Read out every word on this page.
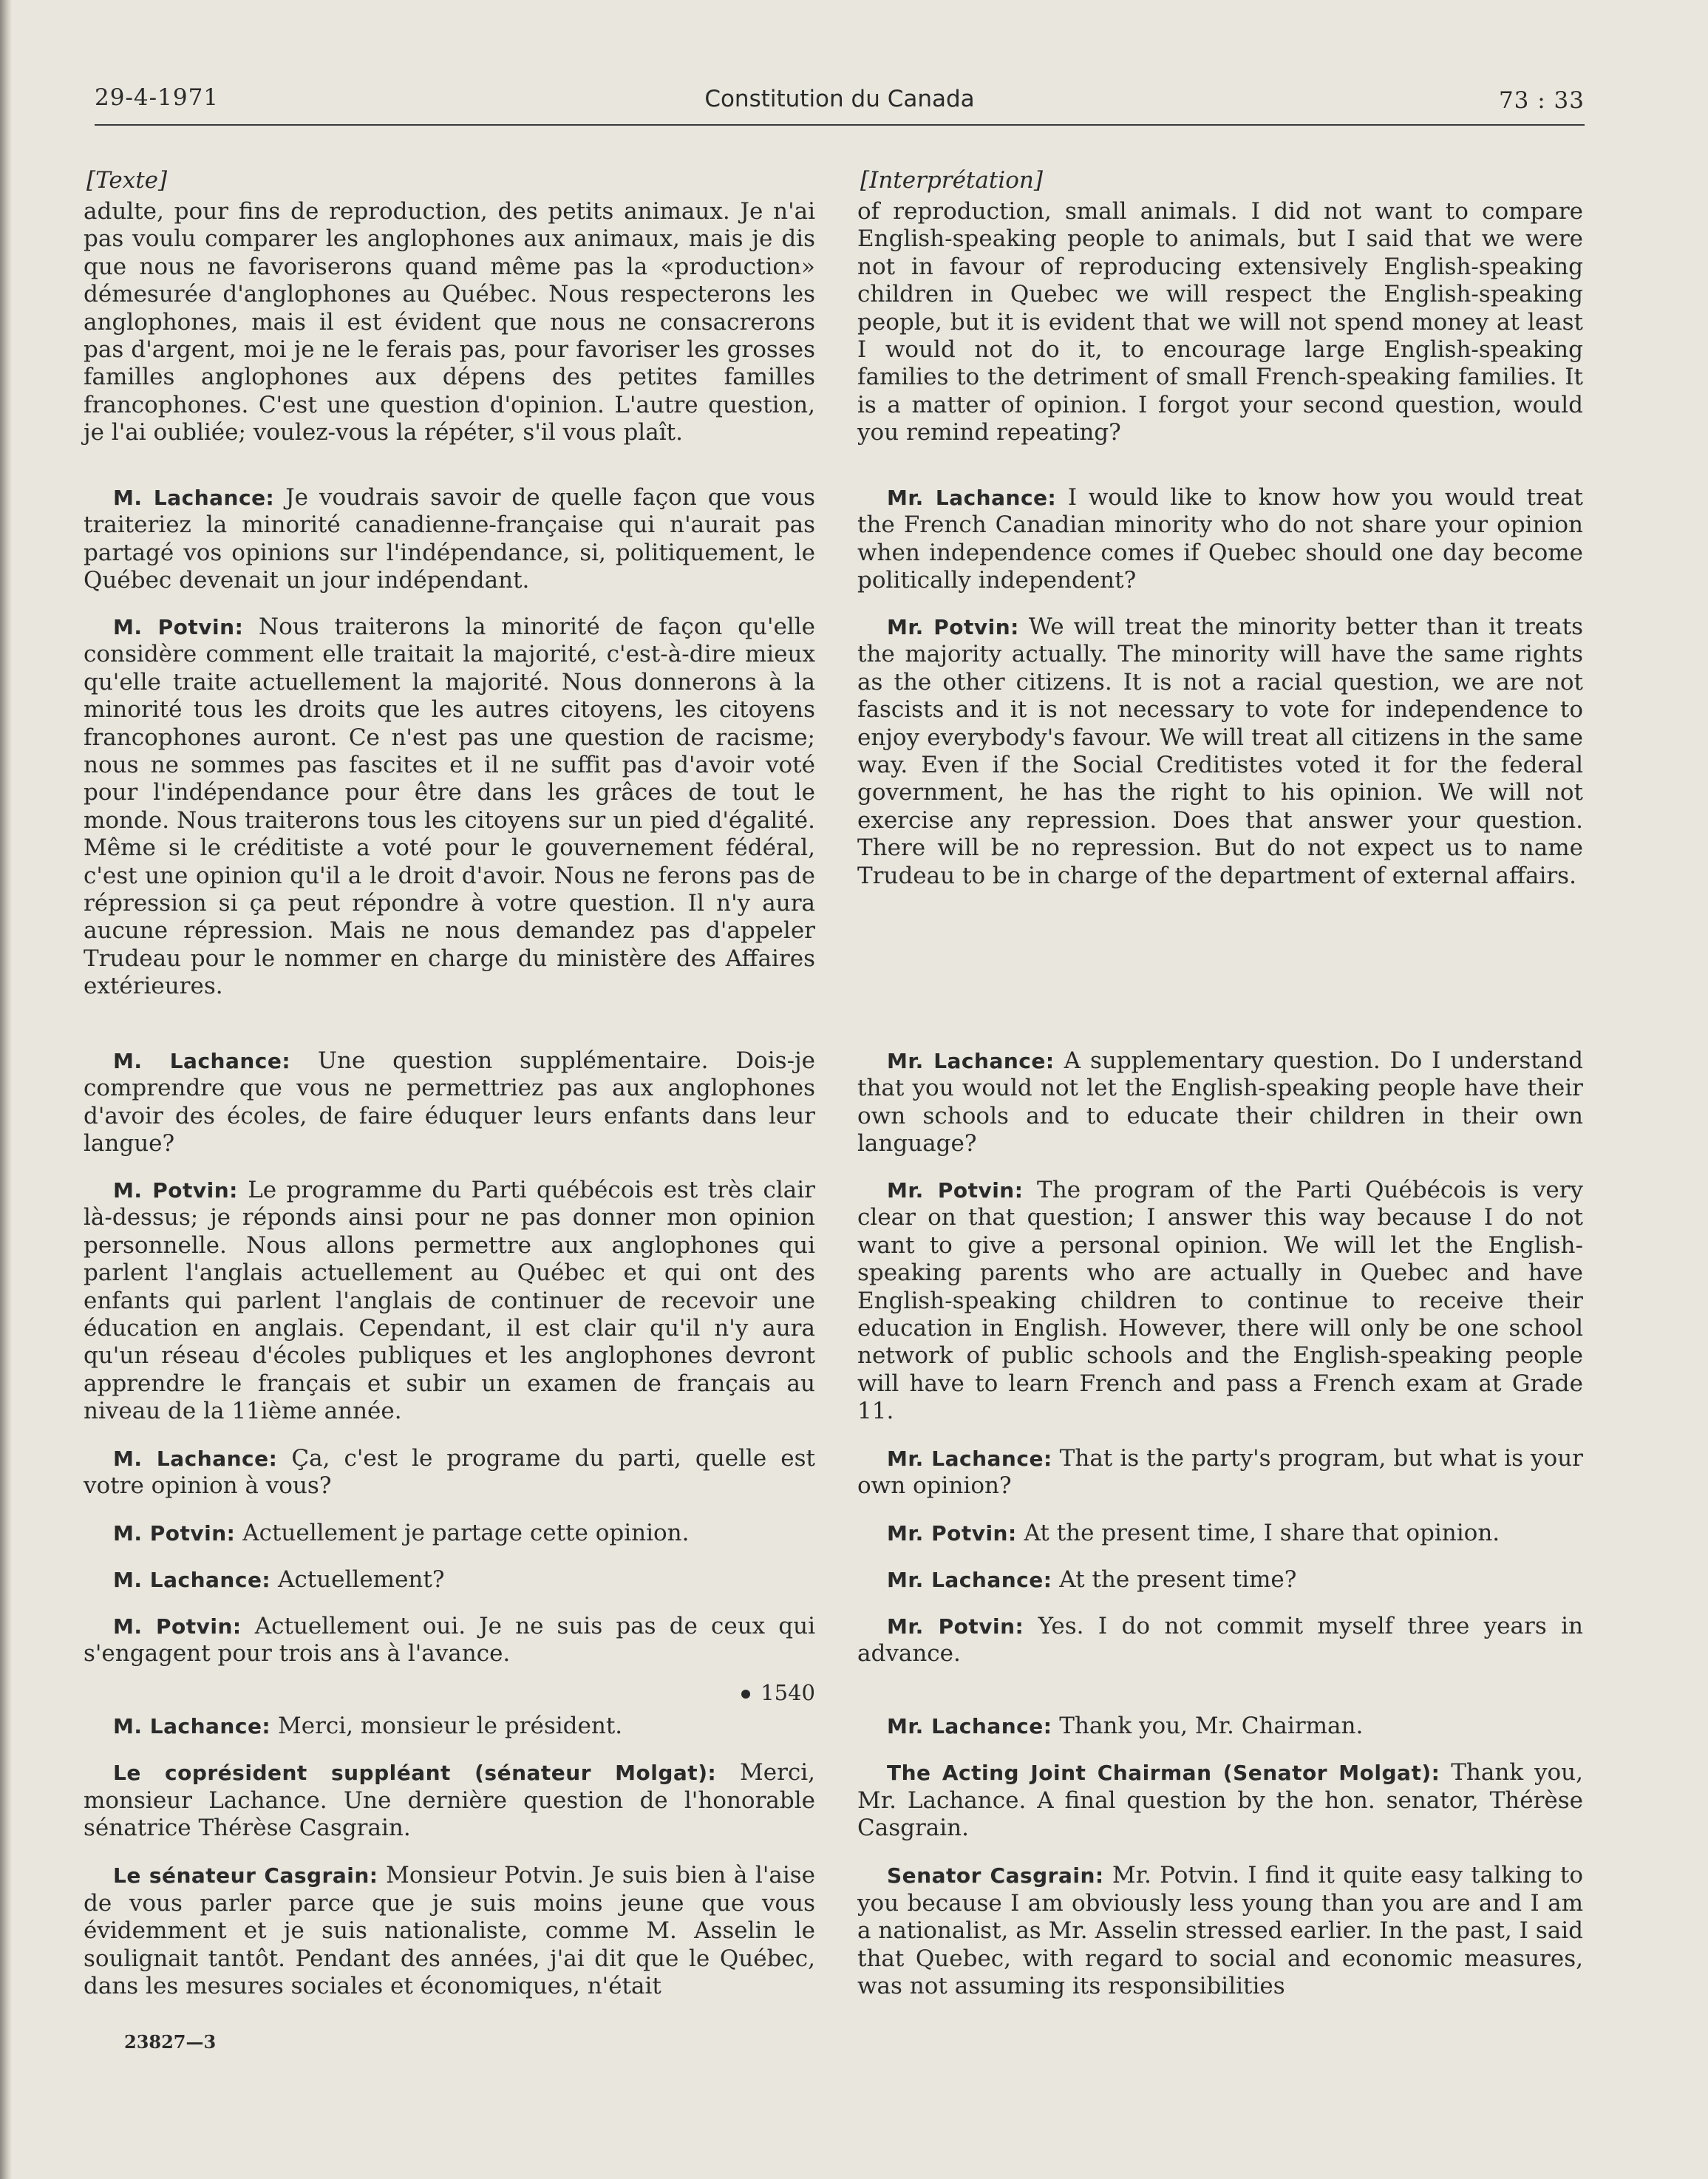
29-4-1971	Constitution du Canada	73 : 33
[Texte]

adulte, pour fins de reproduction, des petits animaux. Je n'ai pas voulu comparer les anglophones aux animaux, mais je dis que nous ne favoriserons quand même pas la «production» démesurée d'anglophones au Québec. Nous respecterons les anglophones, mais il est évident que nous ne consacrerons pas d'argent, moi je ne le ferais pas, pour favoriser les grosses familles anglophones aux dépens des petites familles francophones. C'est une question d'opinion. L'autre question, je l'ai oubliée; voulez-vous la répéter, s'il vous plaît.

M. Lachance: Je voudrais savoir de quelle façon que vous traiteriez la minorité canadienne-française qui n'aurait pas partagé vos opinions sur l'indépendance, si, politiquement, le Québec devenait un jour indépendant.

M. Potvin: Nous traiterons la minorité de façon qu'elle considère comment elle traitait la majorité, c'est-à-dire mieux qu'elle traite actuellement la majorité. Nous donnerons à la minorité tous les droits que les autres citoyens, les citoyens francophones auront. Ce n'est pas une question de racisme; nous ne sommes pas fascites et il ne suffit pas d'avoir voté pour l'indépendance pour être dans les grâces de tout le monde. Nous traiterons tous les citoyens sur un pied d'égalité. Même si le créditiste a voté pour le gouvernement fédéral, c'est une opinion qu'il a le droit d'avoir. Nous ne ferons pas de répression si ça peut répondre à votre question. Il n'y aura aucune répression. Mais ne nous demandez pas d'appeler Trudeau pour le nommer en charge du ministère des Affaires extérieures.

M. Lachance: Une question supplémentaire. Dois-je comprendre que vous ne permettriez pas aux anglophones d'avoir des écoles, de faire éduquer leurs enfants dans leur langue?

M. Potvin: Le programme du Parti québécois est très clair là-dessus; je réponds ainsi pour ne pas donner mon opinion personnelle. Nous allons permettre aux anglophones qui parlent l'anglais actuellement au Québec et qui ont des enfants qui parlent l'anglais de continuer de recevoir une éducation en anglais. Cependant, il est clair qu'il n'y aura qu'un réseau d'écoles publiques et les anglophones devront apprendre le français et subir un examen de français au niveau de la 11ième année.

M. Lachance: Ça, c'est le programe du parti, quelle est votre opinion à vous?

M. Potvin: Actuellement je partage cette opinion.

M. Lachance: Actuellement?

M. Potvin: Actuellement oui. Je ne suis pas de ceux qui s'engagent pour trois ans à l'avance.

1540

M. Lachance: Merci, monsieur le président.

Le coprésident suppléant (sénateur Molgat): Merci, monsieur Lachance. Une dernière question de l'honorable sénatrice Thérèse Casgrain.

Le sénateur Casgrain: Monsieur Potvin. Je suis bien à l'aise de vous parler parce que je suis moins jeune que vous évidemment et je suis nationaliste, comme M. Asselin le soulignait tantôt. Pendant des années, j'ai dit que le Québec, dans les mesures sociales et économiques, n'était

[Interprétation]

of reproduction, small animals. I did not want to compare English-speaking people to animals, but I said that we were not in favour of reproducing extensively English-speaking children in Quebec we will respect the English-speaking people, but it is evident that we will not spend money at least I would not do it, to encourage large English-speaking families to the detriment of small French-speaking families. It is a matter of opinion. I forgot your second question, would you remind repeating?

Mr. Lachance: I would like to know how you would treat the French Canadian minority who do not share your opinion when independence comes if Quebec should one day become politically independent?

Mr. Potvin: We will treat the minority better than it treats the majority actually. The minority will have the same rights as the other citizens. It is not a racial question, we are not fascists and it is not necessary to vote for independence to enjoy everybody's favour. We will treat all citizens in the same way. Even if the Social Creditistes voted it for the federal government, he has the right to his opinion. We will not exercise any repression. Does that answer your question. There will be no repression. But do not expect us to name Trudeau to be in charge of the department of external affairs.

Mr. Lachance: A supplementary question. Do I understand that you would not let the English-speaking people have their own schools and to educate their children in their own language?

Mr. Potvin: The program of the Parti Québécois is very clear on that question; I answer this way because I do not want to give a personal opinion. We will let the English-speaking parents who are actually in Quebec and have English-speaking children to continue to receive their education in English. However, there will only be one school network of public schools and the English-speaking people will have to learn French and pass a French exam at Grade 11.

Mr. Lachance: That is the party's program, but what is your own opinion?

Mr. Potvin: At the present time, I share that opinion.

Mr. Lachance: At the present time?

Mr. Potvin: Yes. I do not commit myself three years in advance.

Mr. Lachance: Thank you, Mr. Chairman.

The Acting Joint Chairman (Senator Molgat): Thank you, Mr. Lachance. A final question by the hon. senator, Thérèse Casgrain.

Senator Casgrain: Mr. Potvin. I find it quite easy talking to you because I am obviously less young than you are and I am a nationalist, as Mr. Asselin stressed earlier. In the past, I said that Quebec, with regard to social and economic measures, was not assuming its responsibilities

23827—3
